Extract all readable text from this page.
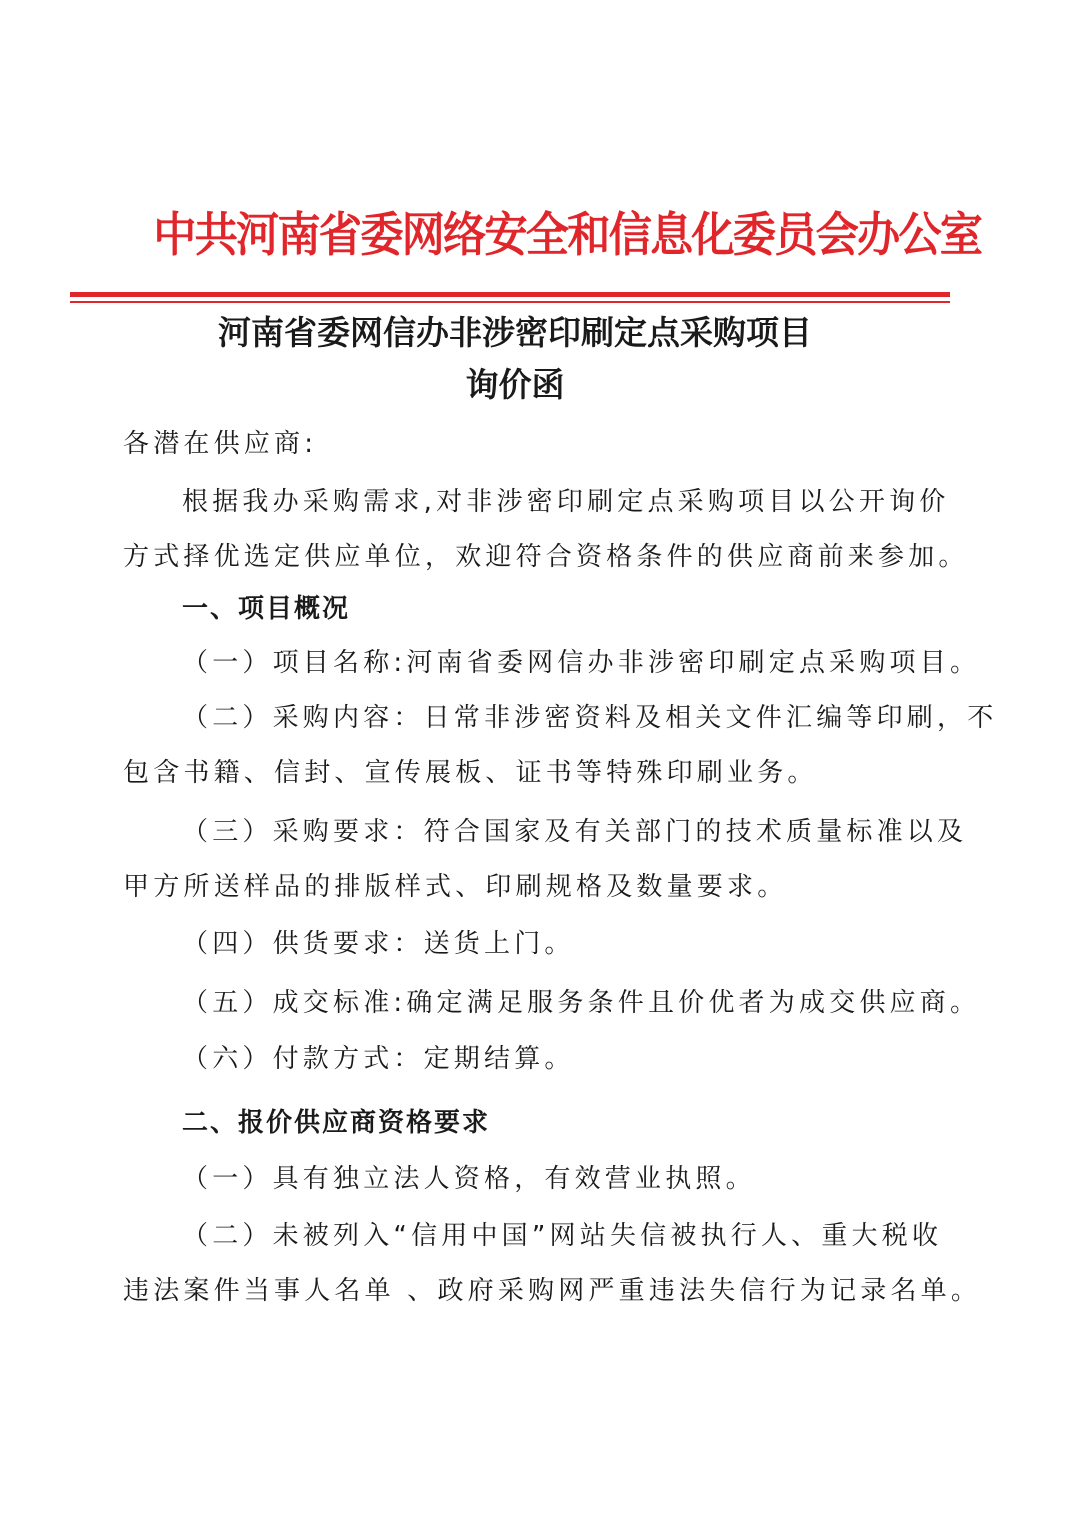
中共河南省委网络安全和信息化委员会办公室
河南省委网信办非涉密印刷定点采购项目
询价函
各潜在供应商:
根据我办采购需求,对非涉密印刷定点采购项目以公开询价
方式择优选定供应单位，欢迎符合资格条件的供应商前来参加。
一、项目概况
（一）项目名称:河南省委网信办非涉密印刷定点采购项目。
（二）采购内容：日常非涉密资料及相关文件汇编等印刷，不
包含书籍、信封、宣传展板、证书等特殊印刷业务。
（三）采购要求：符合国家及有关部门的技术质量标准以及
甲方所送样品的排版样式、印刷规格及数量要求。
（四）供货要求：送货上门。
（五）成交标准:确定满足服务条件且价优者为成交供应商。
（六）付款方式：定期结算。
二、报价供应商资格要求
（一）具有独立法人资格，有效营业执照。
（二）未被列入“信用中国”网站失信被执行人、重大税收
违法案件当事人名单 、政府采购网严重违法失信行为记录名单。
